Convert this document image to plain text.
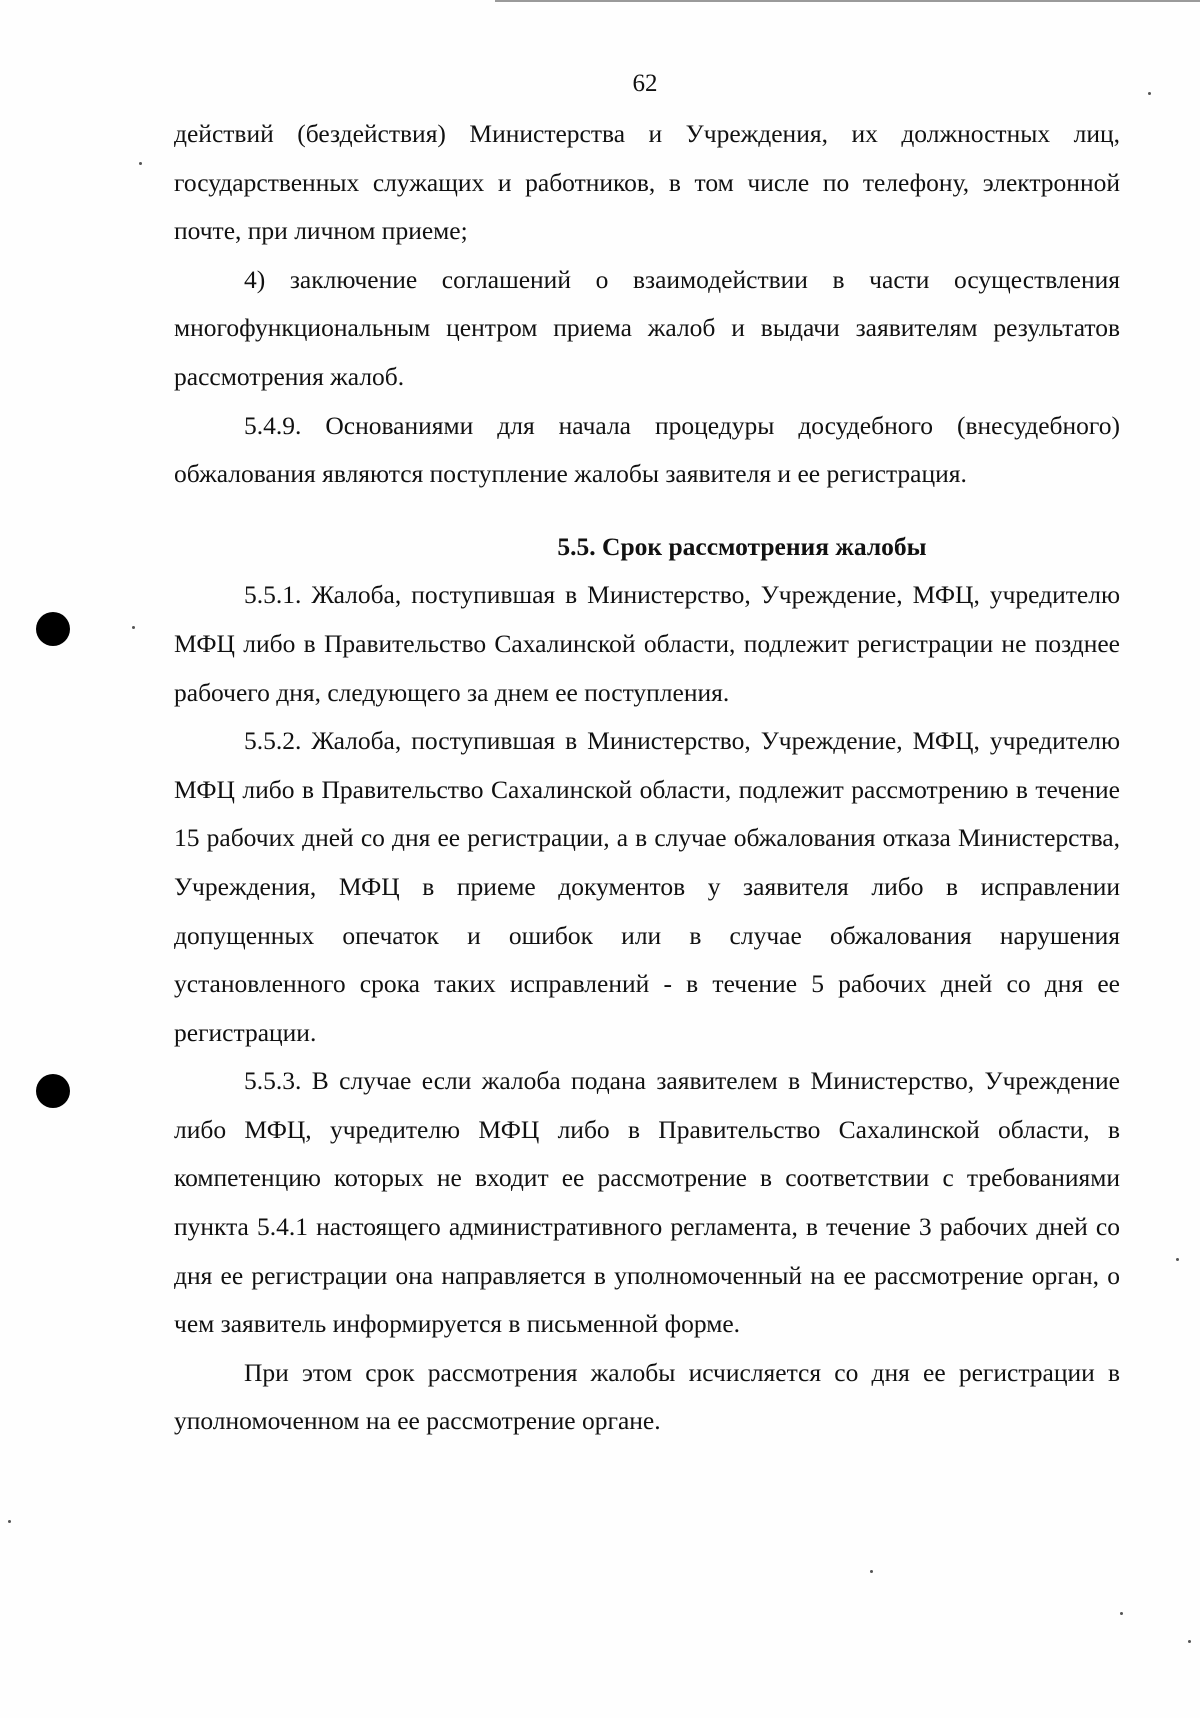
62

действий (бездействия) Министерства и Учреждения, их должностных лиц, государственных служащих и работников, в том числе по телефону, электронной почте, при личном приеме;

4) заключение соглашений о взаимодействии в части осуществления многофункциональным центром приема жалоб и выдачи заявителям результатов рассмотрения жалоб.

5.4.9. Основаниями для начала процедуры досудебного (внесудебного) обжалования являются поступление жалобы заявителя и ее регистрация.

5.5. Срок рассмотрения жалобы

5.5.1. Жалоба, поступившая в Министерство, Учреждение, МФЦ, учредителю МФЦ либо в Правительство Сахалинской области, подлежит регистрации не позднее рабочего дня, следующего за днем ее поступления.

5.5.2. Жалоба, поступившая в Министерство, Учреждение, МФЦ, учредителю МФЦ либо в Правительство Сахалинской области, подлежит рассмотрению в течение 15 рабочих дней со дня ее регистрации, а в случае обжалования отказа Министерства, Учреждения, МФЦ в приеме документов у заявителя либо в исправлении допущенных опечаток и ошибок или в случае обжалования нарушения установленного срока таких исправлений - в течение 5 рабочих дней со дня ее регистрации.

5.5.3. В случае если жалоба подана заявителем в Министерство, Учреждение либо МФЦ, учредителю МФЦ либо в Правительство Сахалинской области, в компетенцию которых не входит ее рассмотрение в соответствии с требованиями пункта 5.4.1 настоящего административного регламента, в течение 3 рабочих дней со дня ее регистрации она направляется в уполномоченный на ее рассмотрение орган, о чем заявитель информируется в письменной форме.

При этом срок рассмотрения жалобы исчисляется со дня ее регистрации в уполномоченном на ее рассмотрение органе.
